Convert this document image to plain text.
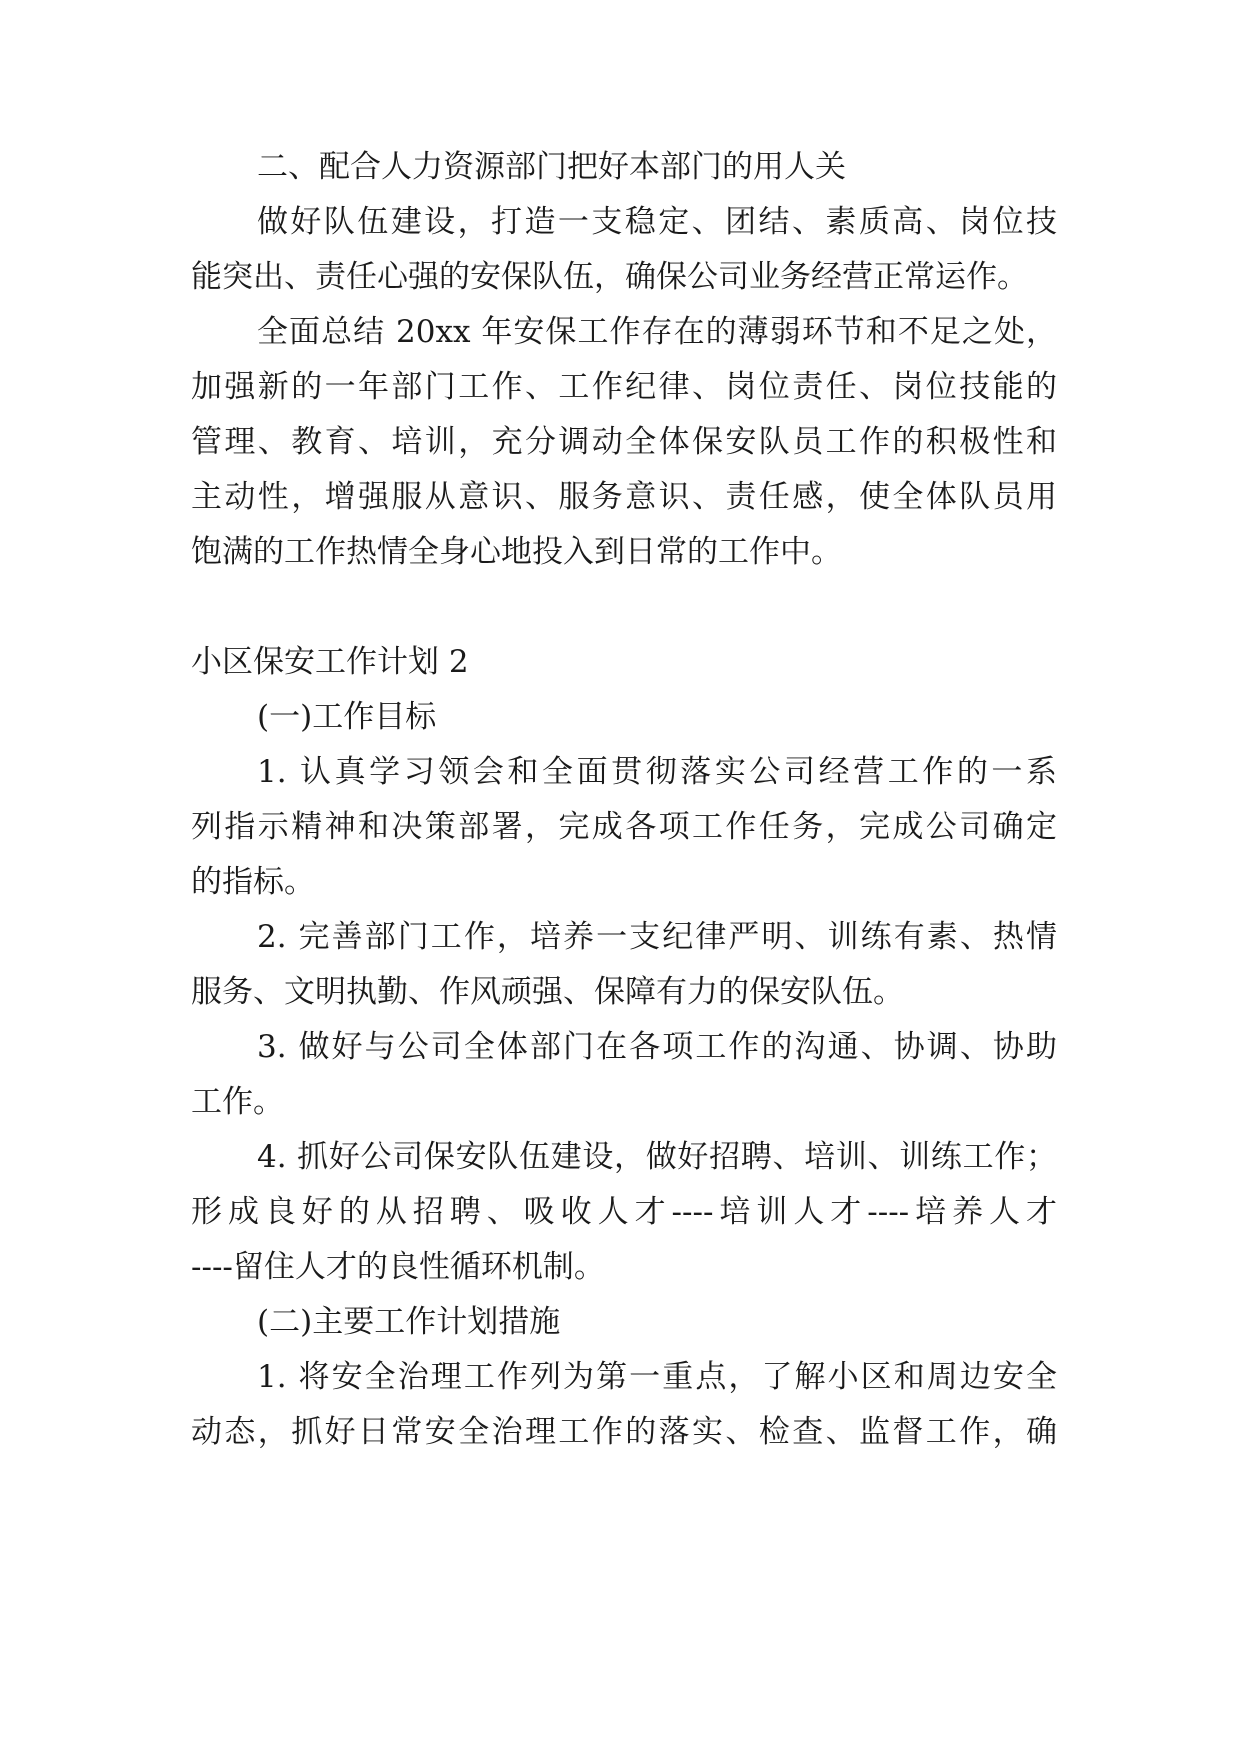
二、配合人力资源部门把好本部门的用人关
做好队伍建设，打造一支稳定、团结、素质高、岗位技
能突出、责任心强的安保队伍，确保公司业务经营正常运作。
全面总结 20xx 年安保工作存在的薄弱环节和不足之处，
加强新的一年部门工作、工作纪律、岗位责任、岗位技能的
管理、教育、培训，充分调动全体保安队员工作的积极性和
主动性，增强服从意识、服务意识、责任感，使全体队员用
饱满的工作热情全身心地投入到日常的工作中。
小区保安工作计划 2
(一)工作目标
1. 认真学习领会和全面贯彻落实公司经营工作的一系
列指示精神和决策部署，完成各项工作任务，完成公司确定
的指标。
2. 完善部门工作，培养一支纪律严明、训练有素、热情
服务、文明执勤、作风顽强、保障有力的保安队伍。
3. 做好与公司全体部门在各项工作的沟通、协调、协助
工作。
4. 抓好公司保安队伍建设，做好招聘、培训、训练工作；
形成良好的从招聘、吸收人才----培训人才----培养人才
----留住人才的良性循环机制。
(二)主要工作计划措施
1. 将安全治理工作列为第一重点，了解小区和周边安全
动态，抓好日常安全治理工作的落实、检查、监督工作，确
